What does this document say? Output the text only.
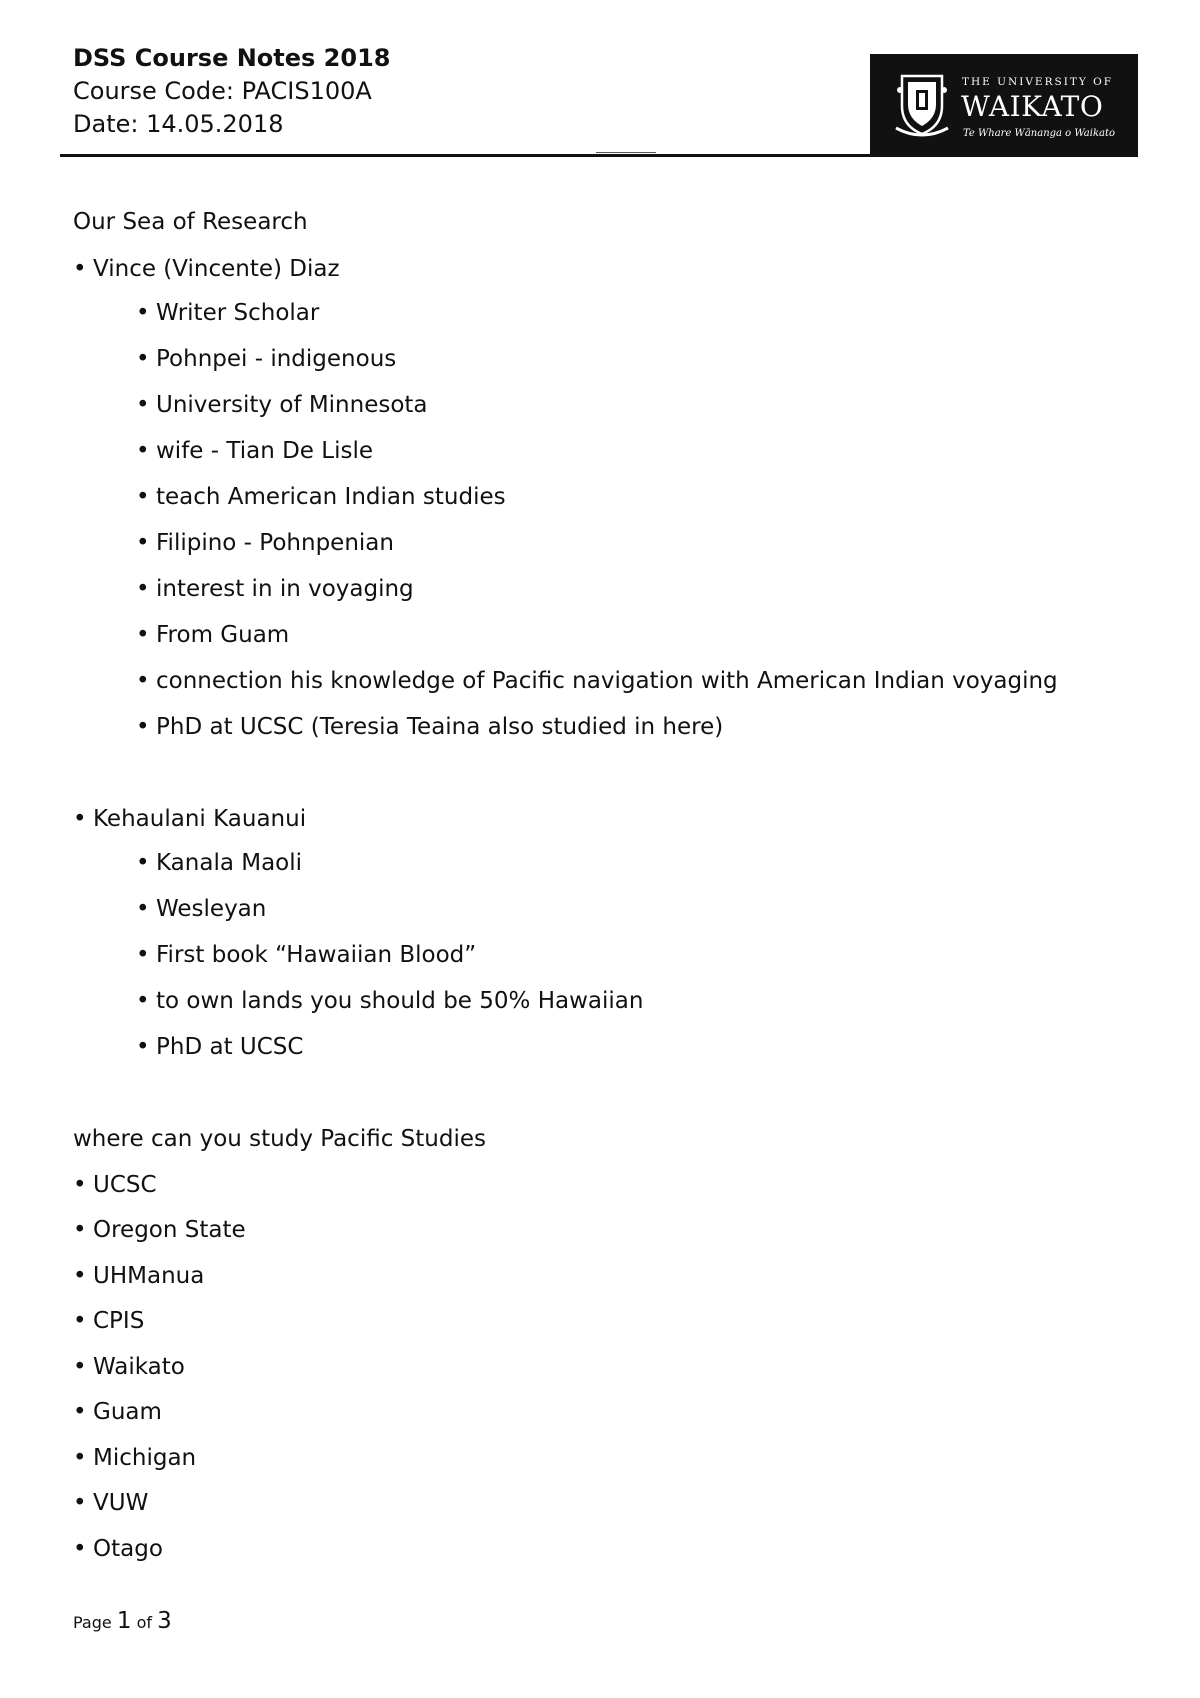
DSS Course Notes 2018
Course Code: PACIS100A
Date: 14.05.2018
THE UNIVERSITY OF
WAIKATO
Te Whare Wānanga o Waikato
Our Sea of Research
• Vince (Vincente) Diaz
• Writer Scholar
• Pohnpei - indigenous
• University of Minnesota
• wife - Tian De Lisle
• teach American Indian studies
• Filipino - Pohnpenian
• interest in in voyaging
• From Guam
• connection his knowledge of Pacific navigation with American Indian voyaging
• PhD at UCSC (Teresia Teaina also studied in here)
• Kehaulani Kauanui
• Kanala Maoli
• Wesleyan
• First book “Hawaiian Blood”
• to own lands you should be 50% Hawaiian
• PhD at UCSC
where can you study Pacific Studies
• UCSC
• Oregon State
• UHManua
• CPIS
• Waikato
• Guam
• Michigan
• VUW
• Otago
Page 1 of 3
